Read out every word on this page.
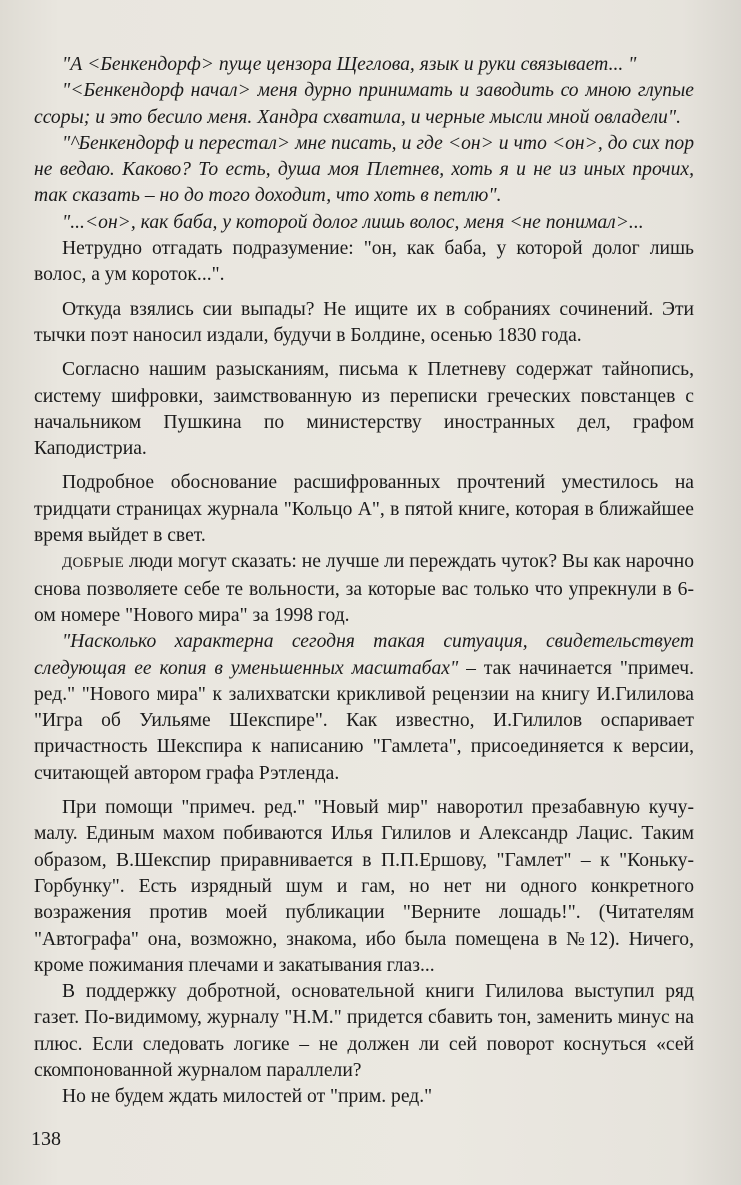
"А <Бенкендорф> пуще цензора Щеглова, язык и руки связывает... "

"<Бенкендорф начал> меня дурно принимать и заводить со мною глупые ссоры; и это бесило меня. Хандра схватила, и черные мысли мной овладели".

"^Бенкендорф и перестал> мне писать, и где <он> и что <он>, до сих пор не ведаю. Каково? То есть, душа моя Плетнев, хоть я и не из иных прочих, так сказать – но до того доходит, что хоть в петлю".

"...<он>, как баба, у которой долог лишь волос, меня <не понимал>...

Нетрудно отгадать подразумение: "он, как баба, у которой долог лишь волос, а ум короток...".

Откуда взялись сии выпады? Не ищите их в собраниях сочинений. Эти тычки поэт наносил издали, будучи в Болдине, осенью 1830 года.

Согласно нашим разысканиям, письма к Плетневу содержат тайнопись, систему шифровки, заимствованную из переписки греческих повстанцев с начальником Пушкина по министерству иностранных дел, графом Каподистриа.

Подробное обоснование расшифрованных прочтений уместилось на тридцати страницах журнала "Кольцо А", в пятой книге, которая в ближайшее время выйдет в свет.

ДОБРЫЕ люди могут сказать: не лучше ли переждать чуток? Вы как нарочно снова позволяете себе те вольности, за которые вас только что упрекнули в 6-ом номере "Нового мира" за 1998 год.

"Насколько характерна сегодня такая ситуация, свидетельствует следующая ее копия в уменьшенных масштабах" – так начинается "примеч. ред." "Нового мира" к залихватски крикливой рецензии на книгу И.Гилилова "Игра об Уильяме Шекспире". Как известно, И.Гилилов оспаривает причастность Шекспира к написанию "Гамлета", присоединяется к версии, считающей автором графа Рэтленда.

При помощи "примеч. ред." "Новый мир" наворотил презабавную кучу-малу. Единым махом побиваются Илья Гилилов и Александр Лацис. Таким образом, В.Шекспир приравнивается в П.П.Ершову, "Гамлет" – к "Коньку-Горбунку". Есть изрядный шум и гам, но нет ни одного конкретного возражения против моей публикации "Верните лошадь!". (Читателям "Автографа" она, возможно, знакома, ибо была помещена в №12). Ничего, кроме пожимания плечами и закатывания глаз...

В поддержку добротной, основательной книги Гилилова выступил ряд газет. По-видимому, журналу "Н.М." придется сбавить тон, заменить минус на плюс. Если следовать логике – не должен ли сей поворот коснуться «сей скомпонованной журналом параллели?

Но не будем ждать милостей от "прим. ред."

138
